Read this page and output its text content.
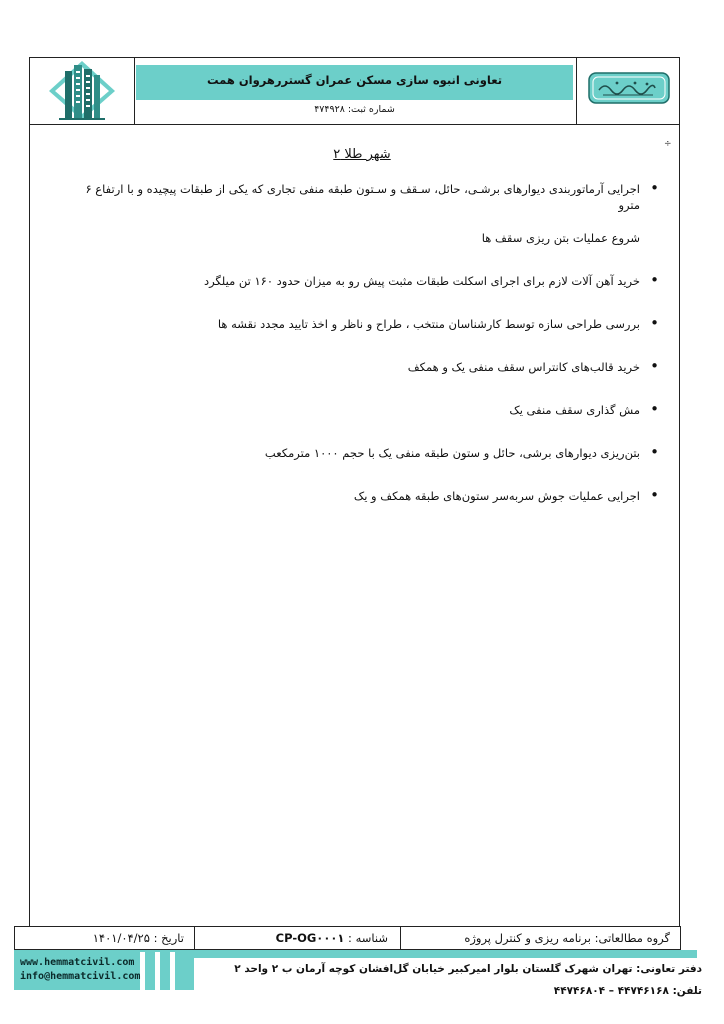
تعاونی انبوه سازی مسکن عمران گستررهروان همت
شماره ثبت: ۴۷۴۹۲۸
÷
شهر طلا ۲
• اجرایی آرماتوربندی دیوارهای برشـی، حائل، سـقف و سـتون طبقه منفی تجاری که یکی از طبقات پیچیده و با ارتفاع ۶ مترو
شروع عملیات بتن ریزی سقف ها
• خرید آهن آلات لازم برای اجرای اسکلت طبقات مثبت پیش رو به میزان حدود ۱۶۰ تن میلگرد
• بررسی طراحی سازه توسط کارشناسان منتخب ، طراح و ناظر و اخذ تایید مجدد نقشه ها
• خرید قالب‌های کانتراس سقف منفی یک و همکف
• مش گذاری سقف منفی یک
• بتن‌ریزی دیوارهای برشی، حائل و ستون طبقه منفی یک با حجم ۱۰۰۰ مترمکعب
• اجرایی عملیات جوش سربه‌سر ستون‌های طبقه همکف و یک
تاریخ : ۱۴۰۱/۰۴/۲۵	شناسه : CP-OG۰۰۰۱	گروه مطالعاتی: برنامه ریزی و کنترل پروژه
www.hemmatcivil.com
info@hemmatcivil.com
دفتر تعاونی: تهران شهرک گلستان بلوار امیرکبیر خیابان گل‌افشان کوچه آرمان ب ۲ واحد ۲
تلفن: ۴۴۷۴۶۱۶۸ – ۴۴۷۴۶۸۰۴
